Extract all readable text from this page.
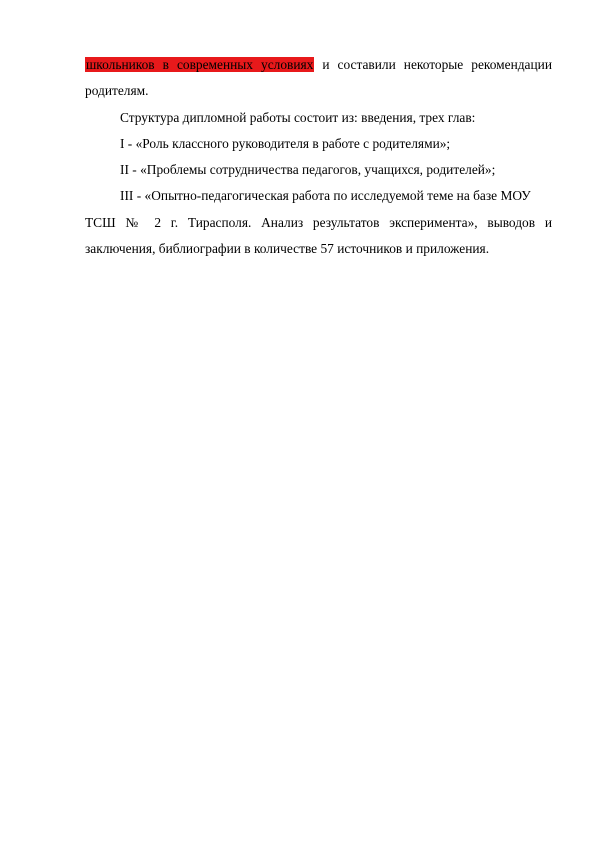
школьников в современных условиях и составили некоторые рекомендации
родителям.
Структура дипломной работы состоит из: введения, трех глав:
I - «Роль классного руководителя в работе с родителями»;
II - «Проблемы сотрудничества педагогов, учащихся, родителей»;
III - «Опытно-педагогическая работа по исследуемой теме на базе МОУ
ТСШ № 2 г. Тирасполя. Анализ результатов эксперимента», выводов и
заключения, библиографии в количестве 57 источников и приложения.
